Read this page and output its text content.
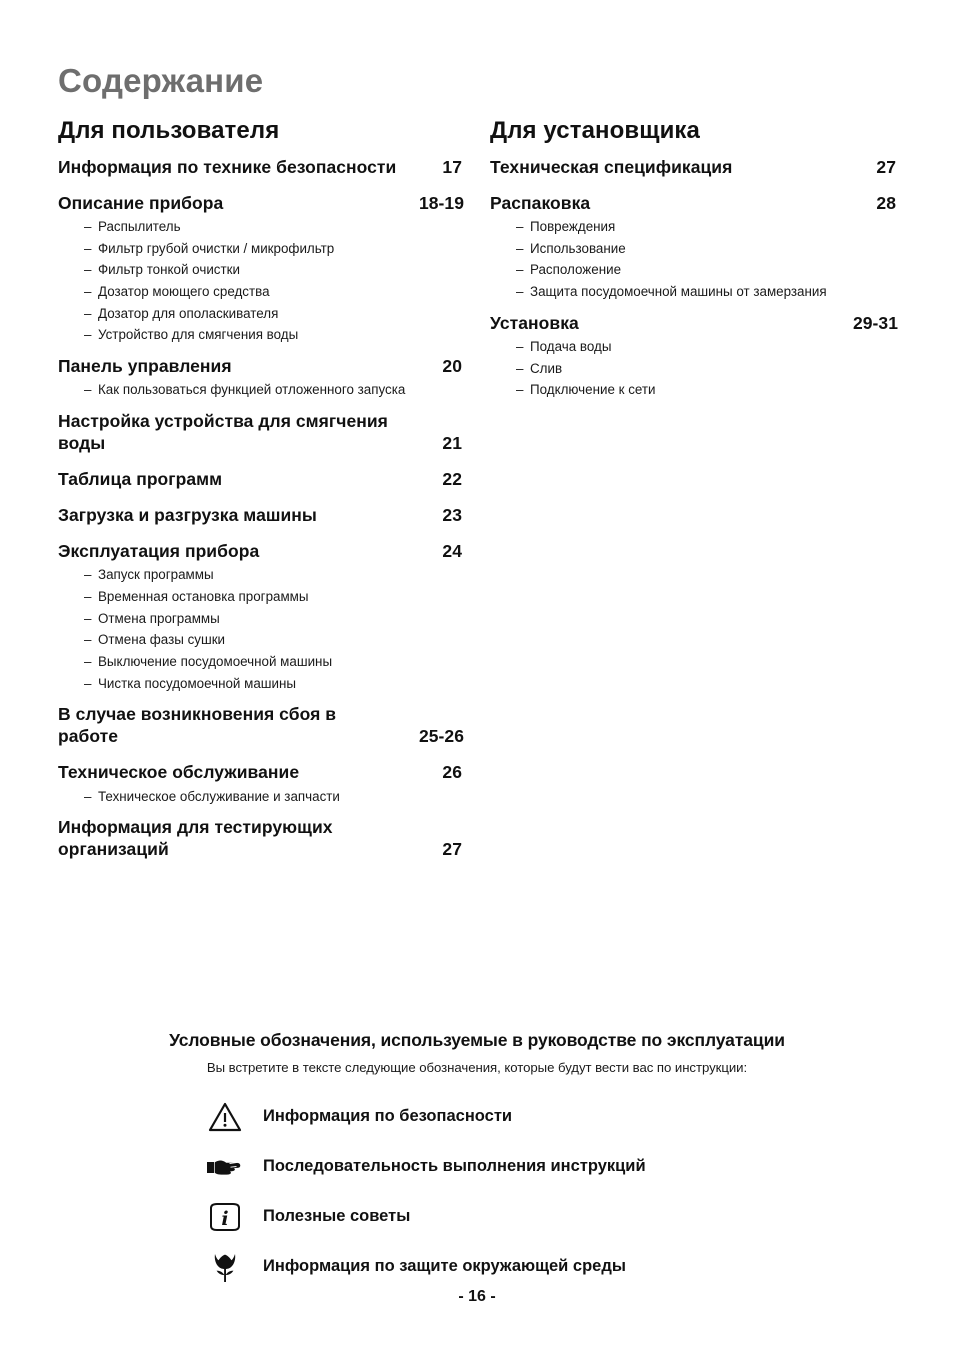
Содержание
Для пользователя
Информация по технике безопасности	17
Описание прибора	18-19
– Распылитель
– Фильтр грубой очистки / микрофильтр
– Фильтр тонкой очистки
– Дозатор моющего средства
– Дозатор для ополаскивателя
– Устройство для смягчения воды
Панель управления	20
– Как пользоваться функцией отложенного запуска
Настройка устройства для смягчения воды	21
Таблица программ	22
Загрузка и разгрузка машины	23
Эксплуатация прибора	24
– Запуск программы
– Временная остановка программы
– Отмена программы
– Отмена фазы сушки
– Выключение посудомоечной машины
– Чистка посудомоечной машины
В случае возникновения сбоя в работе	25-26
Техническое обслуживание	26
– Техническое обслуживание и запчасти
Информация для тестирующих организаций	27
Для установщика
Техническая спецификация	27
Распаковка	28
– Повреждения
– Использование
– Расположение
– Защита посудомоечной машины от замерзания
Установка	29-31
– Подача воды
– Слив
– Подключение к сети
Условные обозначения, используемые в руководстве по эксплуатации
Вы встретите в тексте следующие обозначения, которые будут вести вас по инструкции:
Информация по безопасности
Последовательность выполнения инструкций
i	Полезные советы
Информация по защите окружающей среды
- 16 -
